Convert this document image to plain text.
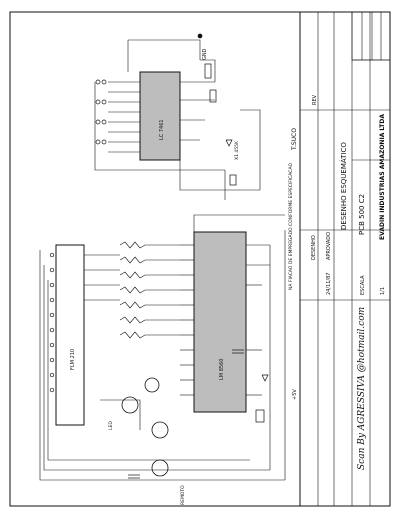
DESENHO ESQUEMÁTICO PCB 500 C2 EVADIN INDUSTRIAS AMAZONIA LTDA
DESENHO APROVADO
24/11/87	ESCALA	1/1
REV
T.SUCO
NA FIACAO DE EMPREGADO CONFORME ESPECIFICACAO
LC 7461
FLM 210	LM 8560
+5V
GND
X1 455K
LED
REMOTO
Scan By AGRESSIVA @hotmail.com
